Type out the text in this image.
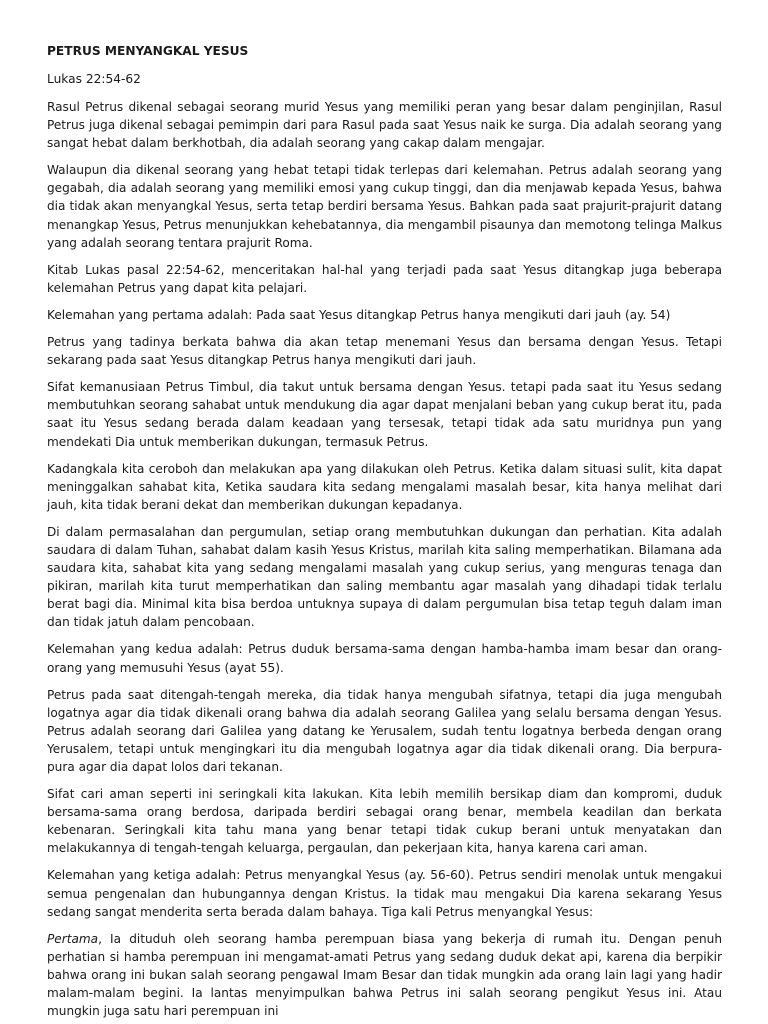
PETRUS MENYANGKAL YESUS
Lukas 22:54-62

Rasul Petrus dikenal sebagai seorang murid Yesus yang memiliki peran yang besar dalam penginjilan, Rasul Petrus juga dikenal sebagai pemimpin dari para Rasul pada saat Yesus naik ke surga. Dia adalah seorang yang sangat hebat dalam berkhotbah, dia adalah seorang yang cakap dalam mengajar.

Walaupun dia dikenal seorang yang hebat tetapi tidak terlepas dari kelemahan. Petrus adalah seorang yang gegabah, dia adalah seorang yang memiliki emosi yang cukup tinggi, dan dia menjawab kepada Yesus, bahwa dia tidak akan menyangkal Yesus, serta tetap berdiri bersama Yesus. Bahkan pada saat prajurit-prajurit datang menangkap Yesus, Petrus menunjukkan kehebatannya, dia mengambil pisaunya dan memotong telinga Malkus yang adalah seorang tentara prajurit Roma.

Kitab Lukas pasal 22:54-62, menceritakan hal-hal yang terjadi pada saat Yesus ditangkap juga beberapa kelemahan Petrus yang dapat kita pelajari.

Kelemahan yang pertama adalah: Pada saat Yesus ditangkap Petrus hanya mengikuti dari jauh (ay. 54)

Petrus yang tadinya berkata bahwa dia akan tetap menemani Yesus dan bersama dengan Yesus. Tetapi sekarang pada saat Yesus ditangkap Petrus hanya mengikuti dari jauh.

Sifat kemanusiaan Petrus Timbul, dia takut untuk bersama dengan Yesus. tetapi pada saat itu Yesus sedang membutuhkan seorang sahabat untuk mendukung dia agar dapat menjalani beban yang cukup berat itu, pada saat itu Yesus sedang berada dalam keadaan yang tersesak, tetapi tidak ada satu muridnya pun yang mendekati Dia untuk memberikan dukungan, termasuk Petrus.

Kadangkala kita ceroboh dan melakukan apa yang dilakukan oleh Petrus. Ketika dalam situasi sulit, kita dapat meninggalkan sahabat kita, Ketika saudara kita sedang mengalami masalah besar, kita hanya melihat dari jauh, kita tidak berani dekat dan memberikan dukungan kepadanya.

Di dalam permasalahan dan pergumulan, setiap orang membutuhkan dukungan dan perhatian. Kita adalah saudara di dalam Tuhan, sahabat dalam kasih Yesus Kristus, marilah kita saling memperhatikan. Bilamana ada saudara kita, sahabat kita yang sedang mengalami masalah yang cukup serius, yang menguras tenaga dan pikiran, marilah kita turut memperhatikan dan saling membantu agar masalah yang dihadapi tidak terlalu berat bagi dia. Minimal kita bisa berdoa untuknya supaya di dalam pergumulan bisa tetap teguh dalam iman dan tidak jatuh dalam pencobaan.

Kelemahan yang kedua adalah: Petrus duduk bersama-sama dengan hamba-hamba imam besar dan orang-orang yang memusuhi Yesus (ayat 55).

Petrus pada saat ditengah-tengah mereka, dia tidak hanya mengubah sifatnya, tetapi dia juga mengubah logatnya agar dia tidak dikenali orang bahwa dia adalah seorang Galilea yang selalu bersama dengan Yesus. Petrus adalah seorang dari Galilea yang datang ke Yerusalem, sudah tentu logatnya berbeda dengan orang Yerusalem, tetapi untuk mengingkari itu dia mengubah logatnya agar dia tidak dikenali orang. Dia berpura-pura agar dia dapat lolos dari tekanan.

Sifat cari aman seperti ini seringkali kita lakukan. Kita lebih memilih bersikap diam dan kompromi, duduk bersama-sama orang berdosa, daripada berdiri sebagai orang benar, membela keadilan dan berkata kebenaran. Seringkali kita tahu mana yang benar tetapi tidak cukup berani untuk menyatakan dan melakukannya di tengah-tengah keluarga, pergaulan, dan pekerjaan kita, hanya karena cari aman.

Kelemahan yang ketiga adalah: Petrus menyangkal Yesus (ay. 56-60). Petrus sendiri menolak untuk mengakui semua pengenalan dan hubungannya dengan Kristus. Ia tidak mau mengakui Dia karena sekarang Yesus sedang sangat menderita serta berada dalam bahaya. Tiga kali Petrus menyangkal Yesus:

Pertama, Ia dituduh oleh seorang hamba perempuan biasa yang bekerja di rumah itu. Dengan penuh perhatian si hamba perempuan ini mengamat-amati Petrus yang sedang duduk dekat api, karena dia berpikir bahwa orang ini bukan salah seorang pengawal Imam Besar dan tidak mungkin ada orang lain lagi yang hadir malam-malam begini. Ia lantas menyimpulkan bahwa Petrus ini salah seorang pengikut Yesus ini. Atau mungkin juga satu hari perempuan ini
